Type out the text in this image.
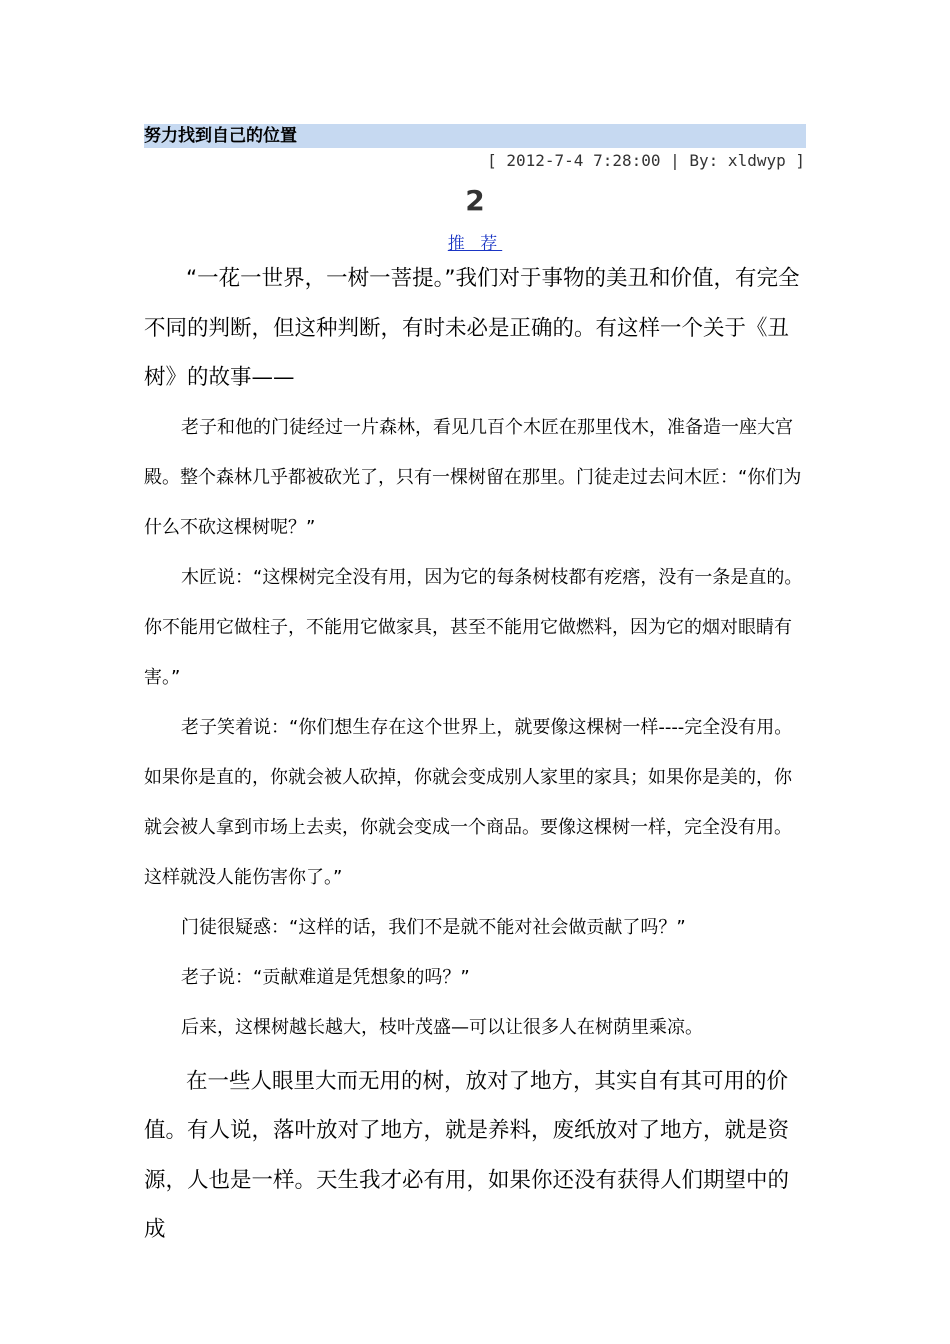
努力找到自己的位置
[ 2012-7-4 7:28:00 | By: xldwyp ]
2
推 荐

“一花一世界，一树一菩提。”我们对于事物的美丑和价值，有完全不同的判断，但这种判断，有时未必是正确的。有这样一个关于《丑树》的故事——

老子和他的门徒经过一片森林，看见几百个木匠在那里伐木，准备造一座大宫殿。整个森林几乎都被砍光了，只有一棵树留在那里。门徒走过去问木匠：“你们为什么不砍这棵树呢？”

木匠说：“这棵树完全没有用，因为它的每条树枝都有疙瘩，没有一条是直的。你不能用它做柱子，不能用它做家具，甚至不能用它做燃料，因为它的烟对眼睛有害。”

老子笑着说：“你们想生存在这个世界上，就要像这棵树一样----完全没有用。如果你是直的，你就会被人砍掉，你就会变成别人家里的家具；如果你是美的，你就会被人拿到市场上去卖，你就会变成一个商品。要像这棵树一样，完全没有用。这样就没人能伤害你了。”

门徒很疑惑：“这样的话，我们不是就不能对社会做贡献了吗？”

老子说：“贡献难道是凭想象的吗？”

后来，这棵树越长越大，枝叶茂盛—可以让很多人在树荫里乘凉。

在一些人眼里大而无用的树，放对了地方，其实自有其可用的价值。有人说，落叶放对了地方，就是养料，废纸放对了地方，就是资源，人也是一样。天生我才必有用，如果你还没有获得人们期望中的成
